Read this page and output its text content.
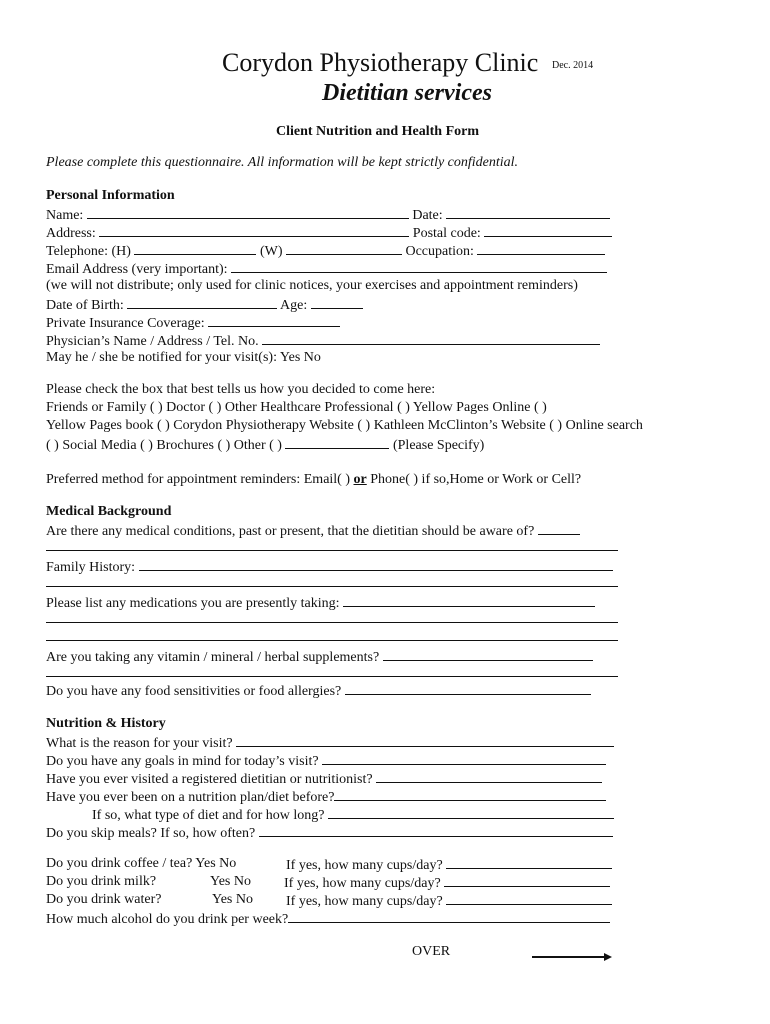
Corydon Physiotherapy Clinic Dec. 2014
Dietitian services
Client Nutrition and Health Form
Please complete this questionnaire. All information will be kept strictly confidential.
Personal Information
Name:	Date:
Address:	Postal code:
Telephone: (H)	(W)	Occupation:
Email Address (very important):
(we will not distribute; only used for clinic notices, your exercises and appointment reminders)
Date of Birth:	Age:
Private Insurance Coverage:
Physician’s Name / Address / Tel. No.
May he / she be notified for your visit(s): Yes No
Please check the box that best tells us how you decided to come here:
Friends or Family ( ) Doctor ( ) Other Healthcare Professional ( ) Yellow Pages Online ( )
Yellow Pages book ( ) Corydon Physiotherapy Website ( ) Kathleen McClinton’s Website ( ) Online search
( ) Social Media ( ) Brochures ( ) Other ( )	(Please Specify)
Preferred method for appointment reminders: Email( ) or Phone( ) if so,Home or Work or Cell?
Medical Background
Are there any medical conditions, past or present, that the dietitian should be aware of?
Family History:
Please list any medications you are presently taking:
Are you taking any vitamin / mineral / herbal supplements?
Do you have any food sensitivities or food allergies?
Nutrition & History
What is the reason for your visit?
Do you have any goals in mind for today’s visit?
Have you ever visited a registered dietitian or nutritionist?
Have you ever been on a nutrition plan/diet before?
If so, what type of diet and for how long?
Do you skip meals? If so, how often?
Do you drink coffee / tea? Yes No	If yes, how many cups/day?
Do you drink milk?	Yes No If yes, how many cups/day?
Do you drink water?	Yes No If yes, how many cups/day?
How much alcohol do you drink per week?
OVER
